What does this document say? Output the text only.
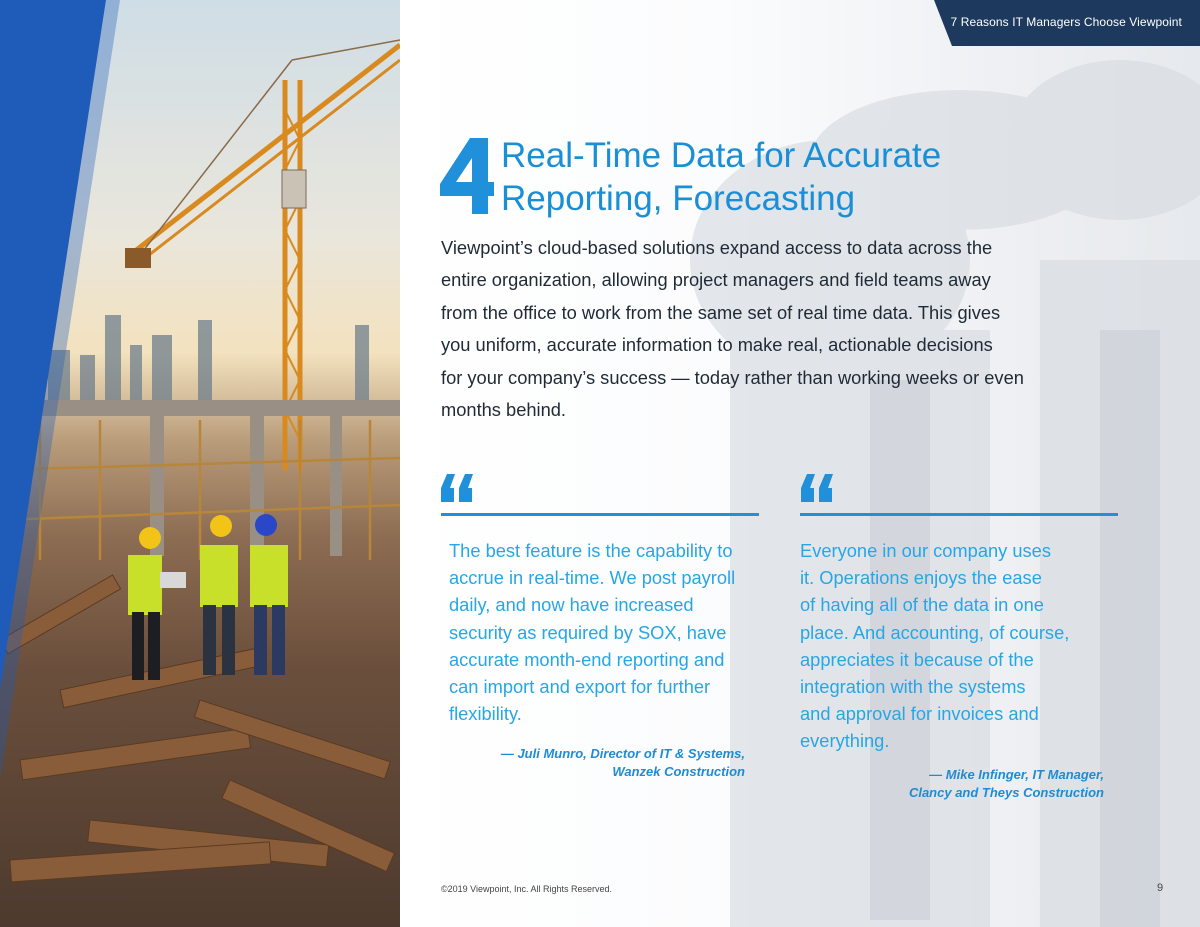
7 Reasons IT Managers Choose Viewpoint
Real-Time Data for Accurate
Reporting, Forecasting
Viewpoint’s cloud-based solutions expand access to data across the
entire organization, allowing project managers and field teams away
from the office to work from the same set of real time data. This gives
you uniform, accurate information to make real, actionable decisions
for your company’s success — today rather than working weeks or even
months behind.
The best feature is the capability to
accrue in real-time. We post payroll
daily, and now have increased
security as required by SOX, have
accurate month-end reporting and
can import and export for further
flexibility.
— Juli Munro, Director of IT & Systems,
Wanzek Construction
Everyone in our company uses
it. Operations enjoys the ease
of having all of the data in one
place. And accounting, of course,
appreciates it because of the
integration with the systems
and approval for invoices and
everything.
— Mike Infinger, IT Manager,
Clancy and Theys Construction
©2019 Viewpoint, Inc. All Rights Reserved.	9
